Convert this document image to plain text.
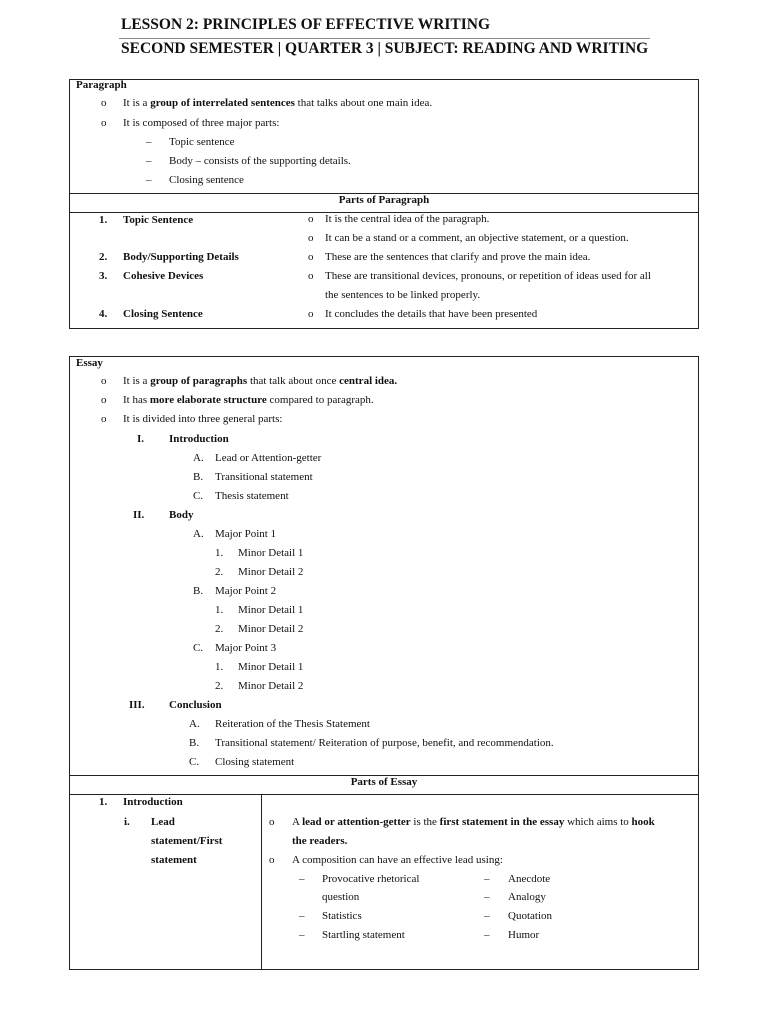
LESSON 2: PRINCIPLES OF EFFECTIVE WRITING
SECOND SEMESTER | QUARTER 3 | SUBJECT: READING AND WRITING
Paragraph
o It is a group of interrelated sentences that talks about one main idea.
o It is composed of three major parts:
– Topic sentence
– Body – consists of the supporting details.
– Closing sentence
Parts of Paragraph
1. Topic Sentence	o It is the central idea of the paragraph.
o It can be a stand or a comment, an objective statement, or a question.
2. Body/Supporting Details	o These are the sentences that clarify and prove the main idea.
3. Cohesive Devices	o These are transitional devices, pronouns, or repetition of ideas used for all
the sentences to be linked properly.
4. Closing Sentence	o It concludes the details that have been presented
Essay
o It is a group of paragraphs that talk about once central idea.
o It has more elaborate structure compared to paragraph.
o It is divided into three general parts:
I. Introduction
A. Lead or Attention-getter
B. Transitional statement
C. Thesis statement
II. Body
A. Major Point 1
1. Minor Detail 1
2. Minor Detail 2
B. Major Point 2
1. Minor Detail 1
2. Minor Detail 2
C. Major Point 3
1. Minor Detail 1
2. Minor Detail 2
III. Conclusion
A. Reiteration of the Thesis Statement
B. Transitional statement/ Reiteration of purpose, benefit, and recommendation.
C. Closing statement
Parts of Essay
1. Introduction
i. Lead
statement/First
statement
o A lead or attention-getter is the first statement in the essay which aims to hook
the readers.
o A composition can have an effective lead using:
– Provocative rhetorical
question
– Statistics
– Startling statement
– Anecdote
– Analogy
– Quotation
– Humor
